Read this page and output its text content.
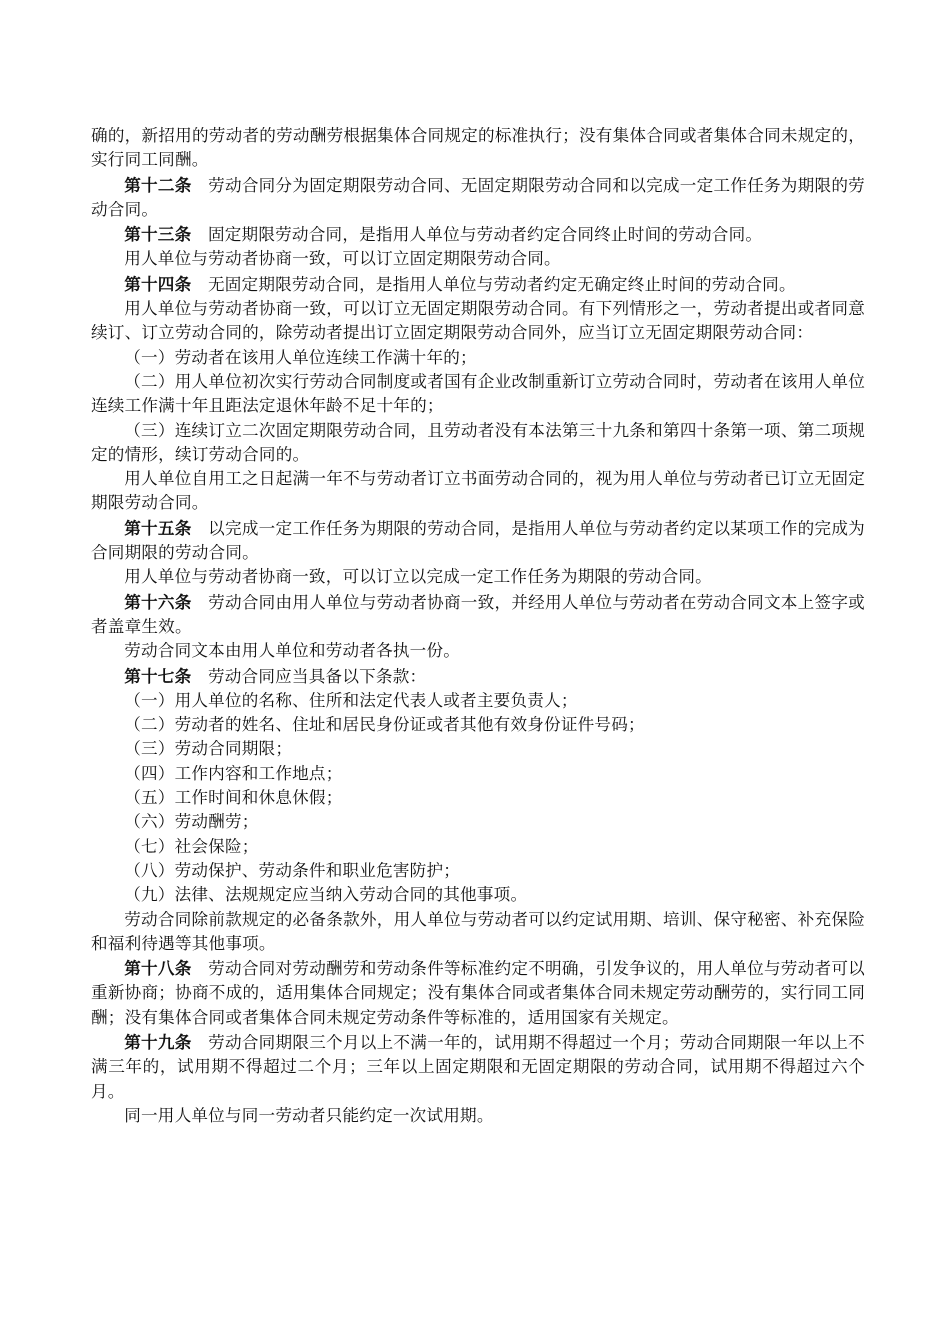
确的，新招用的劳动者的劳动酬劳根据集体合同规定的标准执行；没有集体合同或者集体合同未规定的，实行同工同酬。

第十二条 劳动合同分为固定期限劳动合同、无固定期限劳动合同和以完成一定工作任务为期限的劳动合同。

第十三条 固定期限劳动合同，是指用人单位与劳动者约定合同终止时间的劳动合同。

用人单位与劳动者协商一致，可以订立固定期限劳动合同。

第十四条 无固定期限劳动合同，是指用人单位与劳动者约定无确定终止时间的劳动合同。

用人单位与劳动者协商一致，可以订立无固定期限劳动合同。有下列情形之一，劳动者提出或者同意续订、订立劳动合同的，除劳动者提出订立固定期限劳动合同外，应当订立无固定期限劳动合同：

（一）劳动者在该用人单位连续工作满十年的；

（二）用人单位初次实行劳动合同制度或者国有企业改制重新订立劳动合同时，劳动者在该用人单位连续工作满十年且距法定退休年龄不足十年的；

（三）连续订立二次固定期限劳动合同，且劳动者没有本法第三十九条和第四十条第一项、第二项规定的情形，续订劳动合同的。

用人单位自用工之日起满一年不与劳动者订立书面劳动合同的，视为用人单位与劳动者已订立无固定期限劳动合同。

第十五条 以完成一定工作任务为期限的劳动合同，是指用人单位与劳动者约定以某项工作的完成为合同期限的劳动合同。

用人单位与劳动者协商一致，可以订立以完成一定工作任务为期限的劳动合同。

第十六条 劳动合同由用人单位与劳动者协商一致，并经用人单位与劳动者在劳动合同文本上签字或者盖章生效。

劳动合同文本由用人单位和劳动者各执一份。

第十七条 劳动合同应当具备以下条款：

（一）用人单位的名称、住所和法定代表人或者主要负责人；

（二）劳动者的姓名、住址和居民身份证或者其他有效身份证件号码；

（三）劳动合同期限；

（四）工作内容和工作地点；

（五）工作时间和休息休假；

（六）劳动酬劳；

（七）社会保险；

（八）劳动保护、劳动条件和职业危害防护；

（九）法律、法规规定应当纳入劳动合同的其他事项。

劳动合同除前款规定的必备条款外，用人单位与劳动者可以约定试用期、培训、保守秘密、补充保险和福利待遇等其他事项。

第十八条 劳动合同对劳动酬劳和劳动条件等标准约定不明确，引发争议的，用人单位与劳动者可以重新协商；协商不成的，适用集体合同规定；没有集体合同或者集体合同未规定劳动酬劳的，实行同工同酬；没有集体合同或者集体合同未规定劳动条件等标准的，适用国家有关规定。

第十九条 劳动合同期限三个月以上不满一年的，试用期不得超过一个月；劳动合同期限一年以上不满三年的，试用期不得超过二个月；三年以上固定期限和无固定期限的劳动合同，试用期不得超过六个月。

同一用人单位与同一劳动者只能约定一次试用期。
